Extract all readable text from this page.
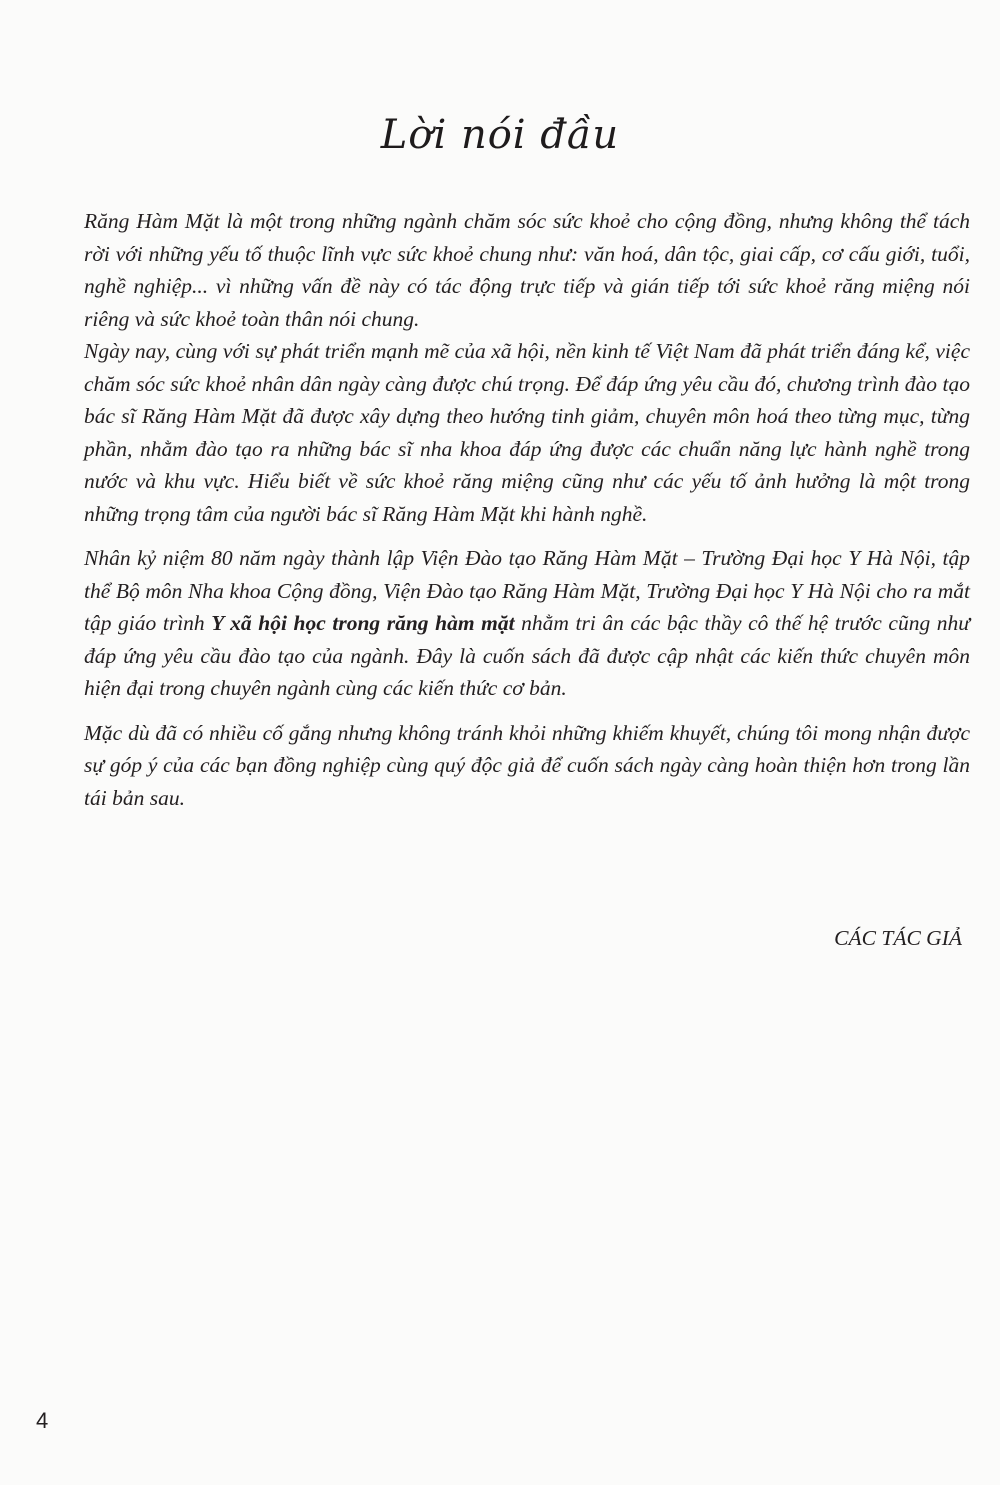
Lời nói đầu

Răng Hàm Mặt là một trong những ngành chăm sóc sức khoẻ cho cộng đồng, nhưng không thể tách rời với những yếu tố thuộc lĩnh vực sức khoẻ chung như: văn hoá, dân tộc, giai cấp, cơ cấu giới, tuổi, nghề nghiệp... vì những vấn đề này có tác động trực tiếp và gián tiếp tới sức khoẻ răng miệng nói riêng và sức khoẻ toàn thân nói chung.

Ngày nay, cùng với sự phát triển mạnh mẽ của xã hội, nền kinh tế Việt Nam đã phát triển đáng kể, việc chăm sóc sức khoẻ nhân dân ngày càng được chú trọng. Để đáp ứng yêu cầu đó, chương trình đào tạo bác sĩ Răng Hàm Mặt đã được xây dựng theo hướng tinh giảm, chuyên môn hoá theo từng mục, từng phần, nhằm đào tạo ra những bác sĩ nha khoa đáp ứng được các chuẩn năng lực hành nghề trong nước và khu vực. Hiểu biết về sức khoẻ răng miệng cũng như các yếu tố ảnh hưởng là một trong những trọng tâm của người bác sĩ Răng Hàm Mặt khi hành nghề.

Nhân kỷ niệm 80 năm ngày thành lập Viện Đào tạo Răng Hàm Mặt – Trường Đại học Y Hà Nội, tập thể Bộ môn Nha khoa Cộng đồng, Viện Đào tạo Răng Hàm Mặt, Trường Đại học Y Hà Nội cho ra mắt tập giáo trình Y xã hội học trong răng hàm mặt nhằm tri ân các bậc thầy cô thế hệ trước cũng như đáp ứng yêu cầu đào tạo của ngành. Đây là cuốn sách đã được cập nhật các kiến thức chuyên môn hiện đại trong chuyên ngành cùng các kiến thức cơ bản.

Mặc dù đã có nhiều cố gắng nhưng không tránh khỏi những khiếm khuyết, chúng tôi mong nhận được sự góp ý của các bạn đồng nghiệp cùng quý độc giả để cuốn sách ngày càng hoàn thiện hơn trong lần tái bản sau.

CÁC TÁC GIẢ
4
